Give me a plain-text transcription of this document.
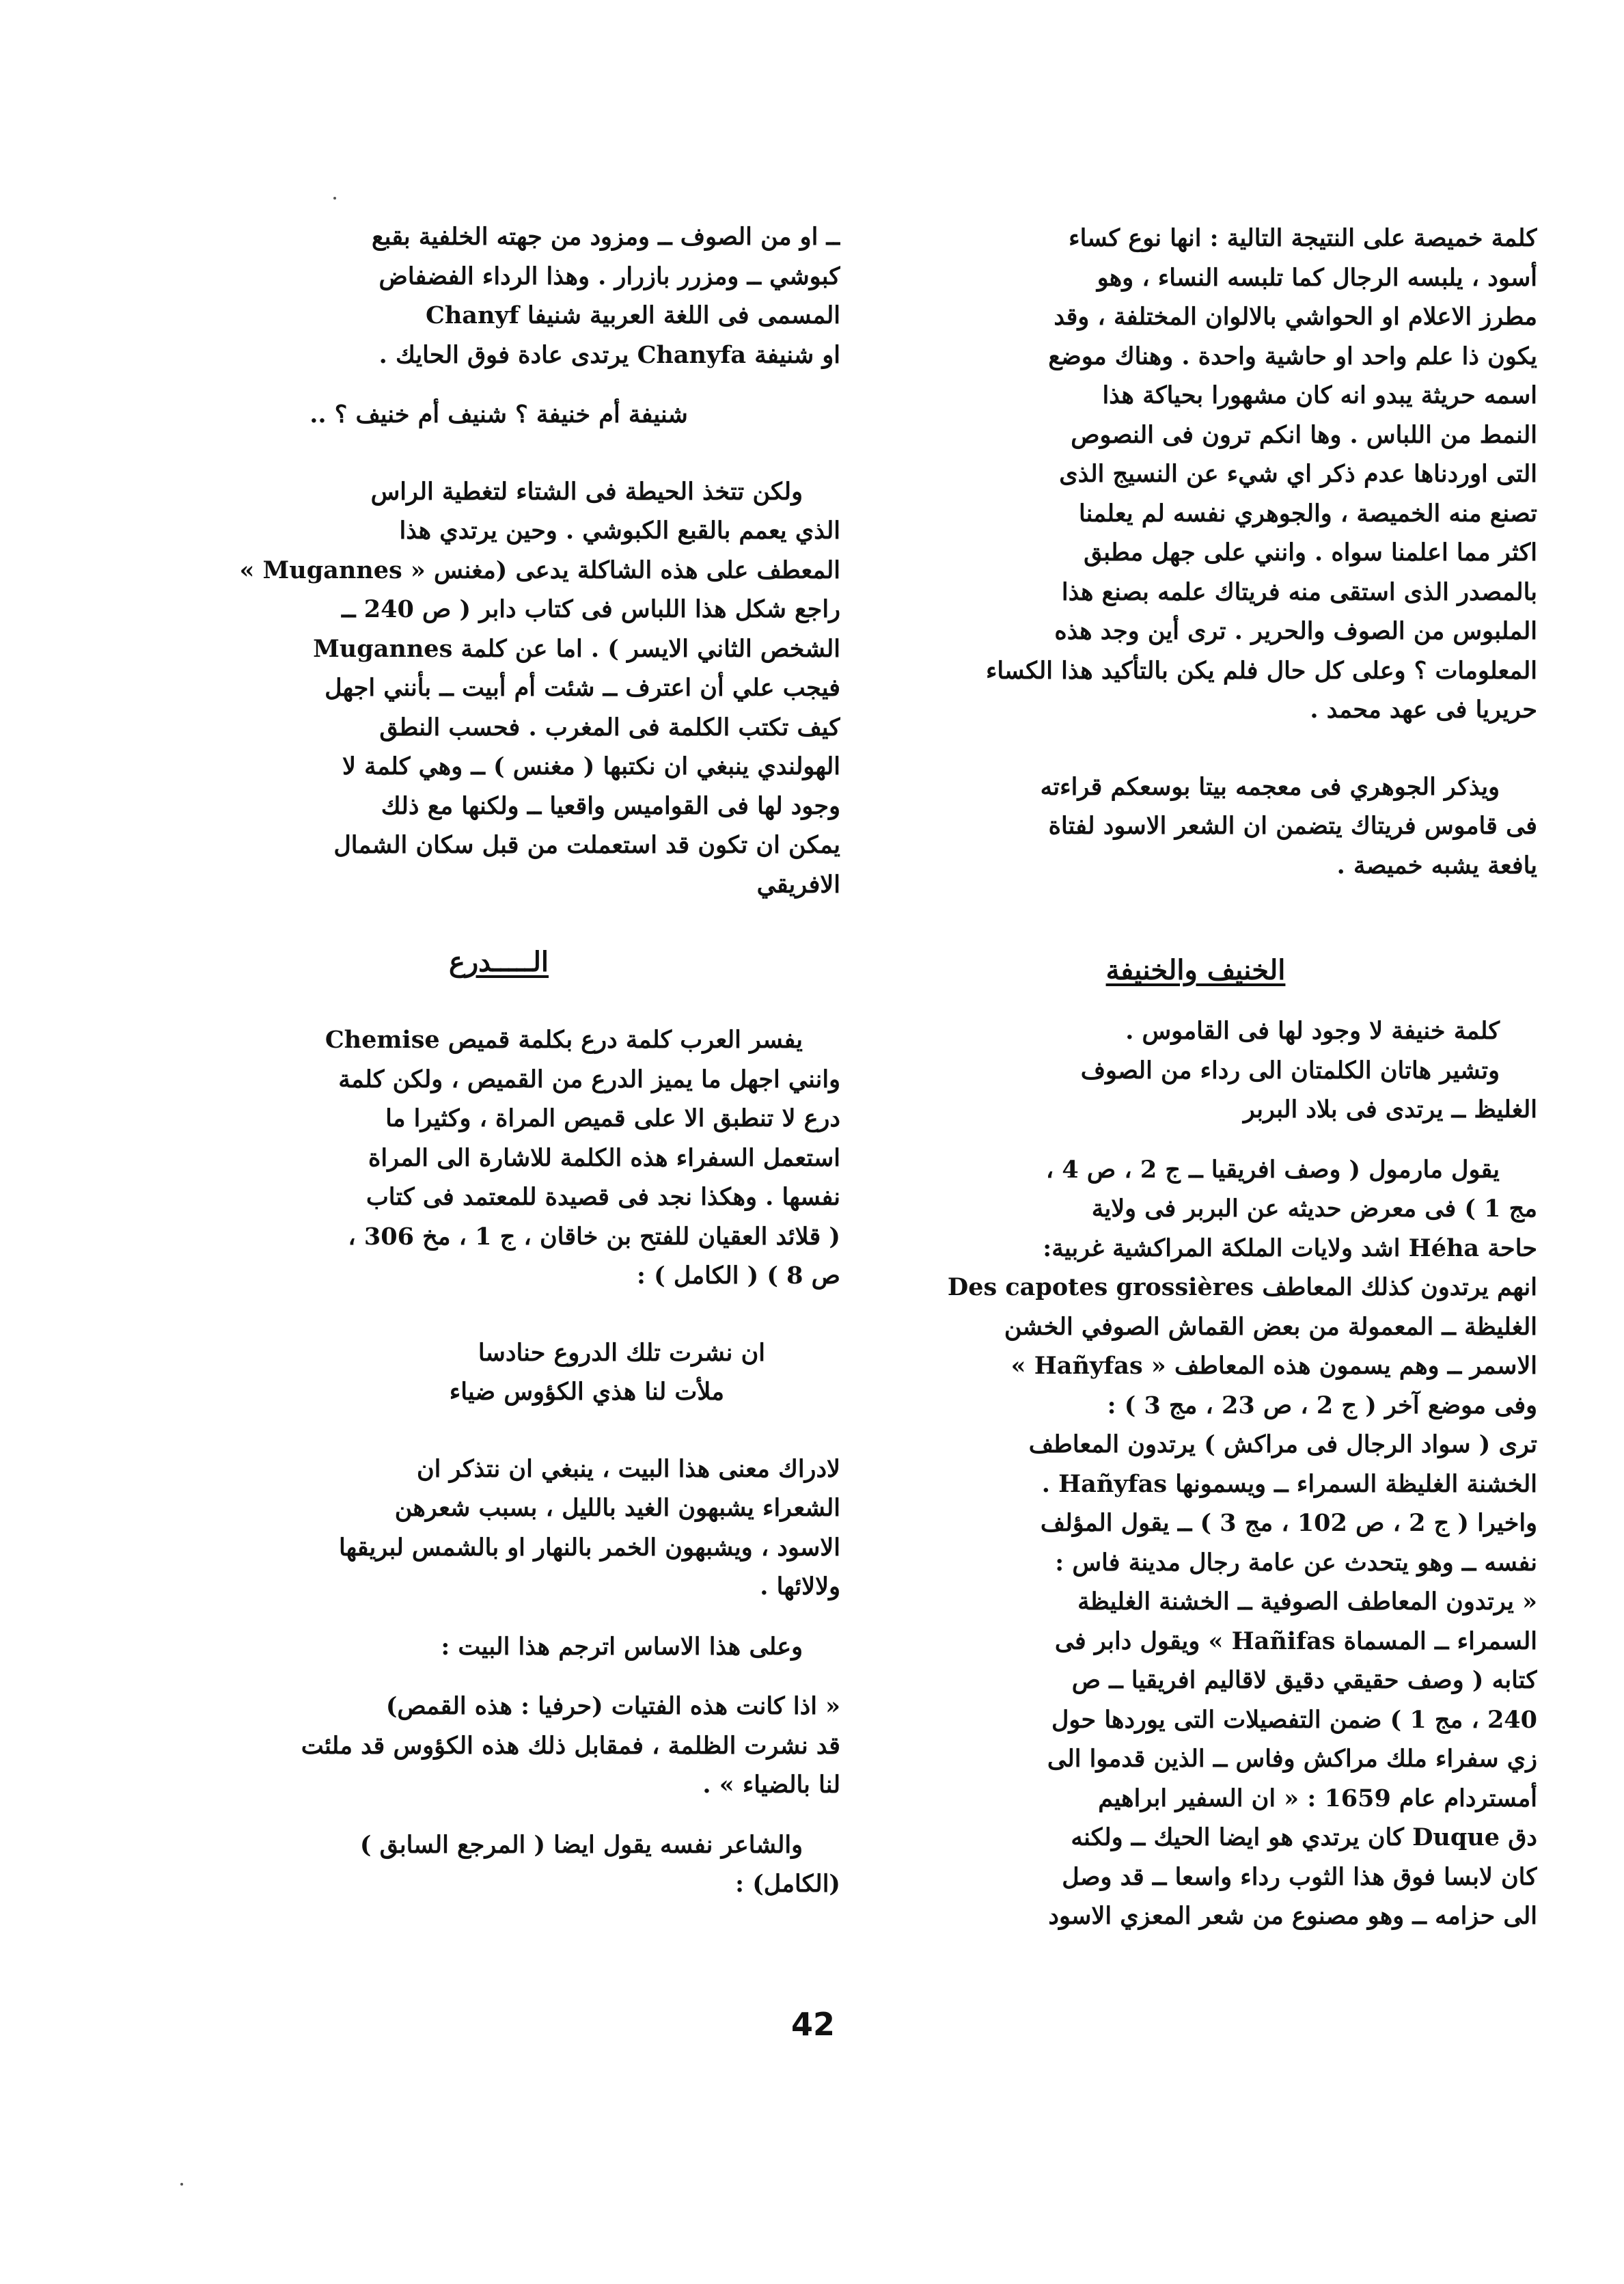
كلمة خميصة على النتيجة التالية : انها نوع كساء
أسود ، يلبسه الرجال كما تلبسه النساء ، وهو
مطرز الاعلام او الحواشي بالالوان المختلفة ، وقد
يكون ذا علم واحد او حاشية واحدة . وهناك موضع
اسمه حريثة يبدو انه كان مشهورا بحياكة هذا
النمط من اللباس . وها انكم ترون فى النصوص
التى اوردناها عدم ذكر اي شيء عن النسيج الذى
تصنع منه الخميصة ، والجوهري نفسه لم يعلمنا
اكثر مما اعلمنا سواه . وانني على جهل مطبق
بالمصدر الذى استقى منه فريتاك علمه بصنع هذا
الملبوس من الصوف والحرير . ترى أين وجد هذه
المعلومات ؟ وعلى كل حال فلم يكن بالتأكيد هذا الكساء
حريريا فى عهد محمد .
ويذكر الجوهري فى معجمه بيتا بوسعكم قراءته
فى قاموس فريتاك يتضمن ان الشعر الاسود لفتاة
يافعة يشبه خميصة .
الخنيف والخنيفة
كلمة خنيفة لا وجود لها فى القاموس .
وتشير هاتان الكلمتان الى رداء من الصوف
الغليظ ــ يرتدى فى بلاد البربر
يقول مارمول ( وصف افريقيا ــ ج 2 ، ص 4 ،
مج 1 ) فى معرض حديثه عن البربر فى ولاية
حاحة Héha اشد ولايات الملكة المراكشية غربية:
انهم يرتدون كذلك المعاطف Des capotes grossières
الغليظة ــ المعمولة من بعض القماش الصوفي الخشن
الاسمر ــ وهم يسمون هذه المعاطف « Hañyfas »
وفى موضع آخر ( ج 2 ، ص 23 ، مج 3 ) :
ترى ( سواد الرجال فى مراكش ) يرتدون المعاطف
الخشنة الغليظة السمراء ــ ويسمونها Hañyfas .
واخيرا ( ج 2 ، ص 102 ، مج 3 ) ــ يقول المؤلف
نفسه ــ وهو يتحدث عن عامة رجال مدينة فاس :
« يرتدون المعاطف الصوفية ــ الخشنة الغليظة
السمراء ــ المسماة Hañifas » ويقول دابر فى
كتابه ( وصف حقيقي دقيق لاقاليم افريقيا ــ ص
240 ، مج 1 ) ضمن التفصيلات التى يوردها حول
زي سفراء ملك مراكش وفاس ــ الذين قدموا الى
أمستردام عام 1659 : « ان السفير ابراهيم
دق Duque كان يرتدي هو ايضا الحيك ــ ولكنه
كان لابسا فوق هذا الثوب رداء واسعا ــ قد وصل
الى حزامه ــ وهو مصنوع من شعر المعزي الاسود
ــ او من الصوف ــ ومزود من جهته الخلفية بقبع
كبوشي ــ ومزرر بازرار . وهذا الرداء الفضفاض
المسمى فى اللغة العربية شنيفا Chanyf
او شنيفة Chanyfa يرتدى عادة فوق الحايك .
شنيفة أم خنيفة ؟ شنيف أم خنيف ؟ ..
ولكن تتخذ الحيطة فى الشتاء لتغطية الراس
الذي يعمم بالقبع الكبوشي . وحين يرتدي هذا
المعطف على هذه الشاكلة يدعى (مغنس « Mugannes »
راجع شكل هذا اللباس فى كتاب دابر ( ص 240 ــ
الشخص الثاني الايسر ) . اما عن كلمة Mugannes
فيجب علي أن اعترف ــ شئت أم أبيت ــ بأنني اجهل
كيف تكتب الكلمة فى المغرب . فحسب النطق
الهولندي ينبغي ان نكتبها ( مغنس ) ــ وهي كلمة لا
وجود لها فى القواميس واقعيا ــ ولكنها مع ذلك
يمكن ان تكون قد استعملت من قبل سكان الشمال
الافريقي
الـــــدرع
يفسر العرب كلمة درع بكلمة قميص Chemise
وانني اجهل ما يميز الدرع من القميص ، ولكن كلمة
درع لا تنطبق الا على قميص المراة ، وكثيرا ما
استعمل السفراء هذه الكلمة للاشارة الى المراة
نفسها . وهكذا نجد فى قصيدة للمعتمد فى كتاب
( قلائد العقيان للفتح بن خاقان ، ج 1 ، مخ 306 ،
ص 8 ) ( الكامل ) :
ان نشرت تلك الدروع حنادسا
ملأت لنا هذي الكؤوس ضياء
لادراك معنى هذا البيت ، ينبغي ان نتذكر ان
الشعراء يشبهون الغيد بالليل ، بسبب شعرهن
الاسود ، ويشبهون الخمر بالنهار او بالشمس لبريقها
ولالائها .
وعلى هذا الاساس اترجم هذا البيت :
« اذا كانت هذه الفتيات (حرفيا : هذه القمص)
قد نشرت الظلمة ، فمقابل ذلك هذه الكؤوس قد ملئت
لنا بالضياء » .
والشاعر نفسه يقول ايضا ( المرجع السابق )
(الكامل) :
42
